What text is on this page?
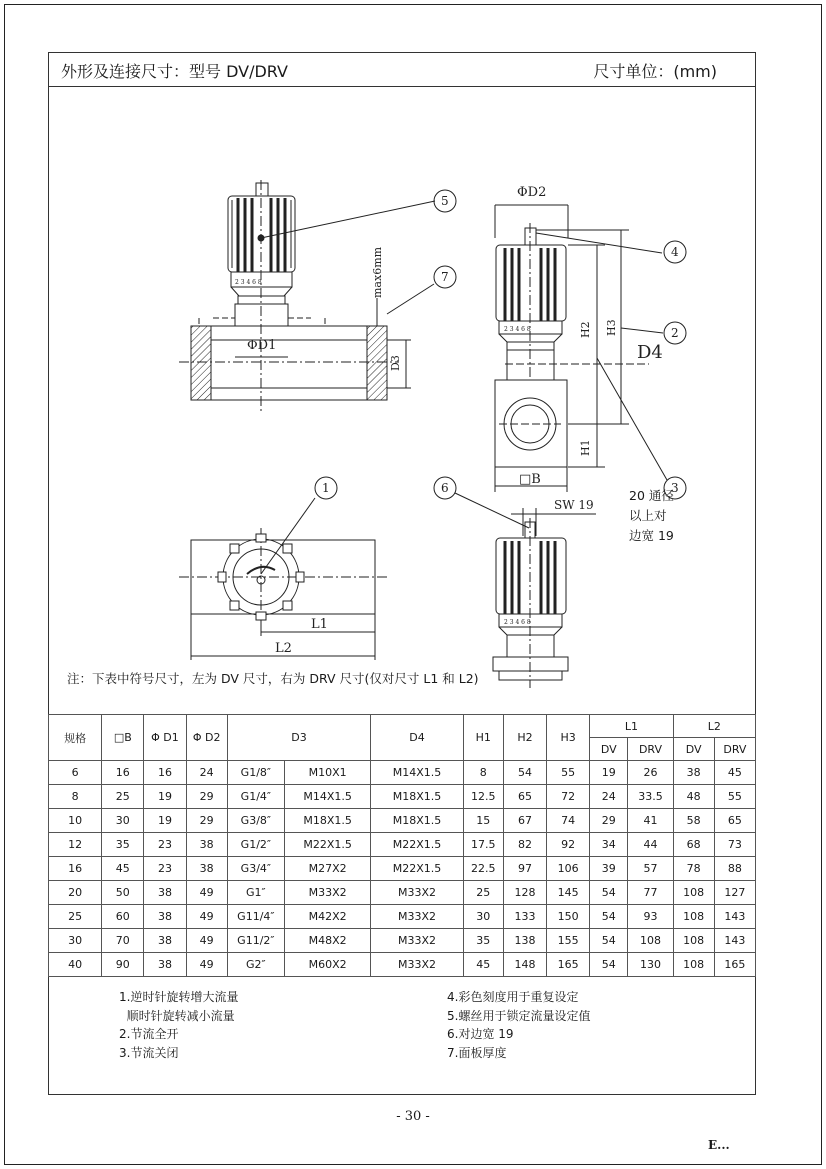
外形及连接尺寸：型号 DV/DRV	尺寸单位：(mm)
2 3 4 6 8
ΦD1
D3
max6mm
5
7
ΦD2
2 3 4 6 8
D4
H2 H3
H1
□B
4
2
3
L1
L2
1	6
SW 19
2 3 4 6 8
20 通径
以上对
边宽 19
注：下表中符号尺寸，左为 DV 尺寸，右为 DRV 尺寸(仅对尺寸 L1 和 L2)
规格	□B	Φ D1	Φ D2	D3		D4	H1	H2	H3	L1		L2	
										DV	DRV	DV	DRV
6	16	16	24	G1/8″	M10X1	M14X1.5	8	54	55	19	26	38	45
8	25	19	29	G1/4″	M14X1.5	M18X1.5	12.5	65	72	24	33.5	48	55
10	30	19	29	G3/8″	M18X1.5	M18X1.5	15	67	74	29	41	58	65
12	35	23	38	G1/2″	M22X1.5	M22X1.5	17.5	82	92	34	44	68	73
16	45	23	38	G3/4″	M27X2	M22X1.5	22.5	97	106	39	57	78	88
20	50	38	49	G1″	M33X2	M33X2	25	128	145	54	77	108	127
25	60	38	49	G11/4″	M42X2	M33X2	30	133	150	54	93	108	143
30	70	38	49	G11/2″	M48X2	M33X2	35	138	155	54	108	108	143
40	90	38	49	G2″	M60X2	M33X2	45	148	165	54	130	108	165
1.逆时针旋转增大流量
顺时针旋转减小流量
2.节流全开
3.节流关闭
4.彩色刻度用于重复设定
5.螺丝用于锁定流量设定值
6.对边宽 19
7.面板厚度
- 30 -
E...
